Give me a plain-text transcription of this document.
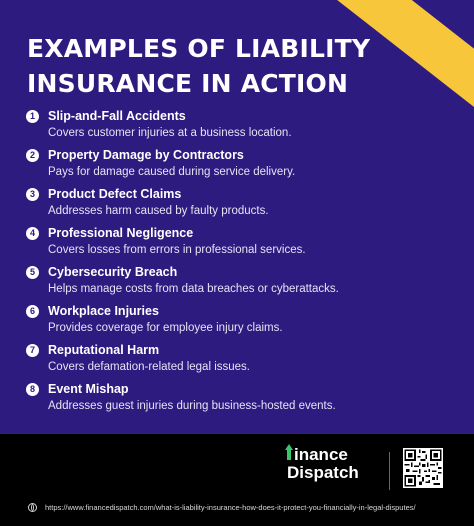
EXAMPLES OF LIABILITY
INSURANCE IN ACTION
1	Slip-and-Fall Accidents
Covers customer injuries at a business location.
2	Property Damage by Contractors
Pays for damage caused during service delivery.
3	Product Defect Claims
Addresses harm caused by faulty products.
4	Professional Negligence
Covers losses from errors in professional services.
5	Cybersecurity Breach
Helps manage costs from data breaches or cyberattacks.
6	Workplace Injuries
Provides coverage for employee injury claims.
7	Reputational Harm
Covers defamation-related legal issues.
8	Event Mishap
Addresses guest injuries during business-hosted events.
inance
Dispatch
https://www.financedispatch.com/what-is-liability-insurance-how-does-it-protect-you-financially-in-legal-disputes/
